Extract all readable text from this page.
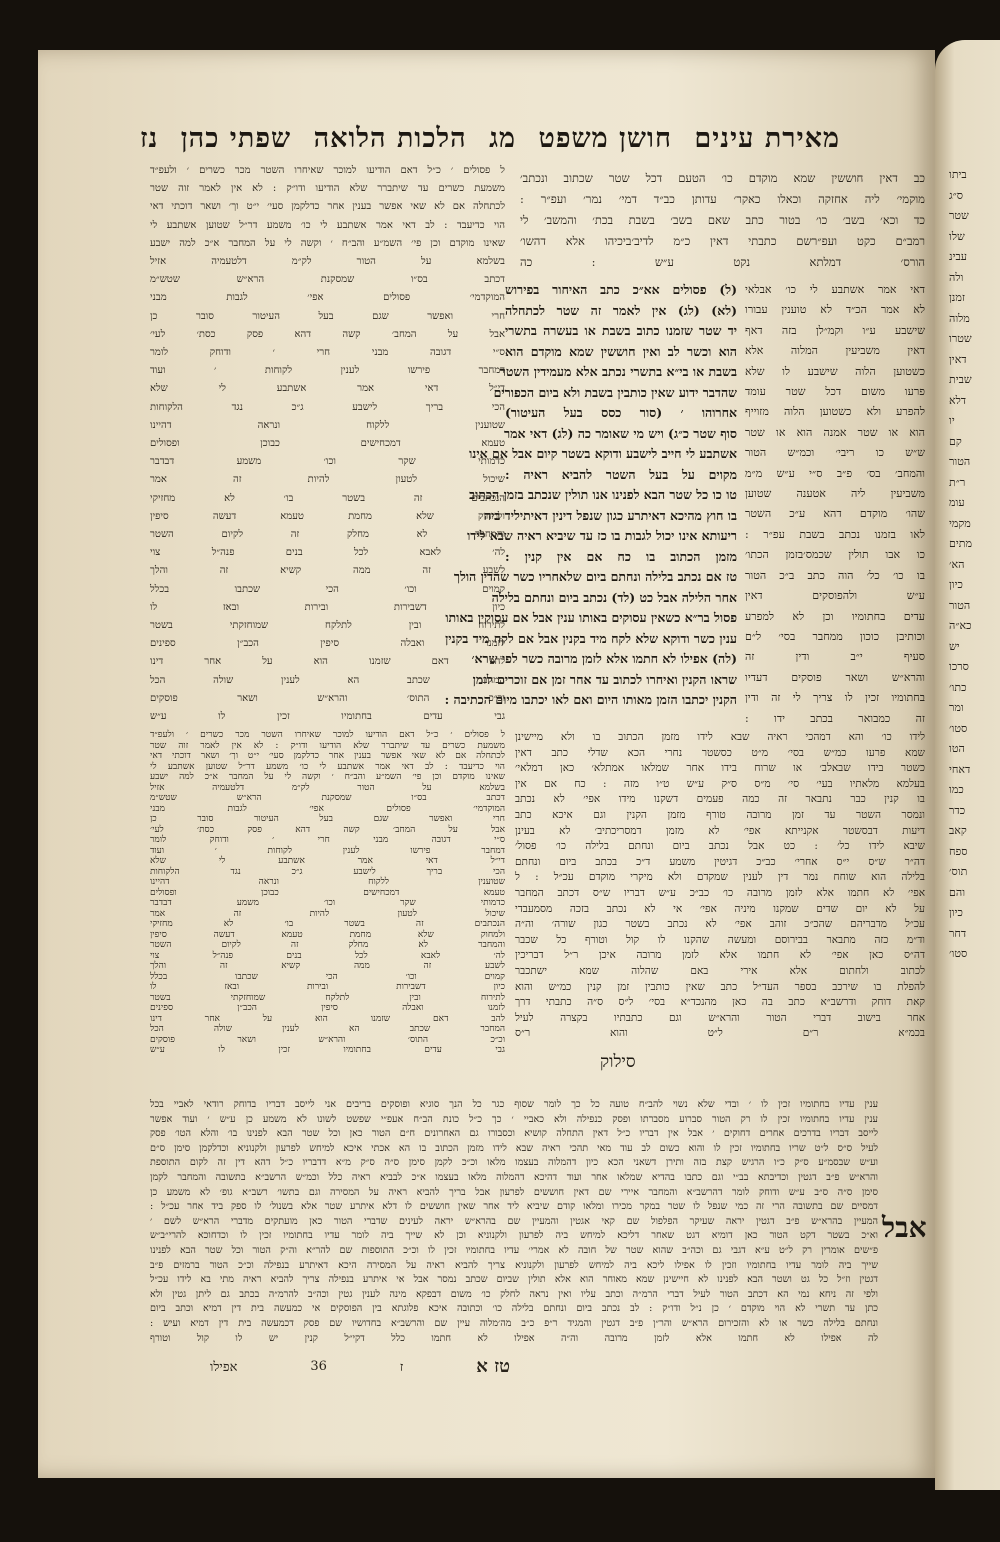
ביתו
ס״ג
שטר
שלו
עבינ
ולה
זמנן
מלוה
שטרו
דאין
שבית
דלא
יו
קם
הטור
ר״ת
עומ
מקמי
מתים
הא׳
כיון
הטור
כא״ה
יש
סרכו
כתו׳
ומר
סטו׳
הטו
דאחי
כמו
כדר
קאב
ספח
תוס׳
והם
כיון
דחר
סטו׳
מאירת עינים
חושן משפט
מג
הלכות הלואה
שפתי כהן
נז
כב דאין חוששין שמא מוקדם כו׳ הטעם דכל שטר שכתוב ונכתב׳
מוקמי׳ ליה אחזקה וכאלו כאקר׳ עדותן כב״ד דמי׳ נמר׳ ועפ״ר :
כד וכא׳ בשב׳ כו׳ בטור כתב שאם בשב׳ בשבת בכת׳ והמשב׳ לי
רמב״ם כקט ועפ״רשם כתבתי דאין כ״מ לדיב׳ביכיהו אלא דהשו׳
הורס׳ דמלתא נקט ע״ש : כה
(ל) פסולים אא״כ כתב האיחור בפירוש
(לא) (לג) אין לאמר זה שטר לכתחלה
יד שטר שזמנו כתוב בשבת או בעשרה בתשרי
הוא וכשר לב ואין חוששין שמא מוקדם הוא
בשבת או בי״א בתשרי נכתב אלא מעמידין השטר
שהדבר ידוע שאין כותבין בשבת ולא ביום הכפורים
אחרוהו ׳ (סור כסס בעל העיטור)
סוף שטר כ״ג) ויש מי שאומר כה (לג) דאי אמר
אשתבע לי חייב לישבע ודוקא בשטר קיום אבל אם אינו
מקוים על בעל השטר להביא ראיה :
טו כו כל שטר הבא לפנינו אנו תולין שנכתב בזמן הכתוב
בו חוץ מהיכא דאיתרע כגון שנפל דינין דאיתיליד ביה
ריעותא אינו יכול לגבות בו כז עד שיביא ראיה שבא לידו
מזמן הכתוב בו כח אם אין קנין :
טז אם נכתב בלילה ונחתם ביום שלאחריו כשר שהדין הולך
אחר הלילה אבל כט (לד) נכתב ביום ונחתם בלילה
פסול בר״א כשאין עסוקים באותו ענין אבל אם עסוקין באותו
ענין כשר ודוקא שלא לקח מיד בקנין אבל אם לקח מיד בקנין
(לה) אפילו לא חתמו אלא לזמן מרובה כשר לפי שרא׳
שראו הקנין ואיחרו לכתוב עד אחר זמן אם זוכרים לזמן
הקנין יכתבו הזמן מאותו היום ואם לאו יכתבו מיום הכתיבה :
דאי אמר אשתבע לי כו׳ אבלאי
לא אמר הכ״ד לא טוענין עבורו
שישבע ע״ו וקמ״לן בזה דאף
דאין משביעין המלוה אלא
כשטוען הלוה שישבע לו שלא
פרעו משום דכל שטר עומד
להפרע ולא כשטוען הלוה מזוייף
הוא או שטר אמנה הוא או שטר
ש״ש כו ריבי׳ וכמ״ש הטור
והמחב׳ בס׳ פ״ב ס״י ע״ש מ״מ
משביעין ליה אטענה שטוען
שהו׳ מוקדם דהא ע״כ השטר
לאו בזמנו נכתב בשבת עפ״ר :
כו אבו תולין שכמס׳בזמן הכתו׳
בו כו׳ כל׳ הוה כתב ב״כ הטור
ע״ש ולהפוסקים דאין
עדים בחתומיו וכן לא למפרע
וכותיבן כוכון ממחבר בסי׳ ל״ם
סעיף י״ב ודין זה
והרא״ש ושאר פוסקים דעדיו
בחתומיו זכין לו צריך לי זה ודין
זה כמבואר בכתב ידו :
ל פסולים ׳ כ״ל דאם הודיעו למוכר שאיחרו השטר מכר כשרים ׳ ולעפ״ד
משמעת כשרים עד שיתברר שלא הודיעו ודו״ק : לא אין לאמר זוה שטר
לכתחלה אם לא שאי אפשר בענין אחר כדלקמן סעי׳ י״ט וך׳ ושאר דוכתי דאי
הוי כדיעבד : לב דאי אמר אשתבע לי כו׳ משמע דר״ל שטוען אשתבע לי
שאינו מוקדם וכן פי׳ השמ״ע והב״ח ׳ וקשה לי על המחבר א״כ למה ישבע
בשלמא על הטור לק״מ דלטעמיה אזיל
דכתב בס״ו שמסקנת הרא״ש שטש״מ
המוקדמי׳ פסולים אפי׳ לגבות מבני
חרי ואפשר שגם בעל העיטור סובר כן
אבל על המחב׳ קשה דהא פסק כסת׳ לעי׳
ס״י דגובה מבני חרי ׳ ודוחק לומר
דמחבר פירשו לענין לקוחות ׳ ועוד
די״ל דאי אמר אשתבע לי שלא
הכי בריך לישבע ג״כ נגד הלקוחות
שטוענין ללקוח ונראה דהיינו
טעמא דמכחישים כבוכן ופסולים
כדמותי שקר וכו׳ משמע דבדבר
שיכול לטעון להיות זה אמר
הנכתבים זה בשטר בו׳ לא מחזיקי
ולמחוק שלא מחמת טעמא דעשה סיפין
והמחבר לא מחלק זה לקיום השטר
לה׳ לאבא לכל בנים פנה״ל צוי
לשבע זה ממה קשיא זה והלך
קמוים וכו׳ הכי שכתבו בכלל
כיון דשבירות ובירות ובאז לו
לתירוח ובין לתלקח שמוחזקתי בשטר
לזמנו ואבלה סיפין הכב״ן ספינים
להב דאם שזמנו הוא על אחר דינו
המחבר שכתב הא לענין שולה הכל
וכ״כ התוס׳ והרא״ש ושאר פוסקים
גבי עדים בחתומיו זכין לו ע״ש
ל פסולים ׳ כ״ל דאם הודיעו למוכר שאיחרו השטר מכר כשרים ׳ ולעפ״ד
משמעת כשרים עד שיתברר שלא הודיעו ודו״ק : לא אין לאמר זוה שטר
לכתחלה אם לא שאי אפשר בענין אחר כדלקמן סעי׳ י״ט וך׳ ושאר דוכתי דאי
הוי כדיעבד : לב דאי אמר אשתבע לי כו׳ משמע דר״ל שטוען אשתבע לי
שאינו מוקדם וכן פי׳ השמ״ע והב״ח ׳ וקשה לי על המחבר א״כ למה ישבע
בשלמא על הטור לק״מ דלטעמיה אזיל
דכתב בס״ו שמסקנת הרא״ש שטש״מ
המוקדמי׳ פסולים אפי׳ לגבות מבני
חרי ואפשר שגם בעל העיטור סובר כן
אבל על המחב׳ קשה דהא פסק כסת׳ לעי׳
ס״י דגובה מבני חרי ׳ ודוחק לומר
דמחבר פירשו לענין לקוחות ׳ ועוד
די״ל דאי אמר אשתבע לי שלא
הכי בריך לישבע ג״כ נגד הלקוחות
שטוענין ללקוח ונראה דהיינו
טעמא דמכחישים כבוכן ופסולים
כדמותי שקר וכו׳ משמע דבדבר
שיכול לטעון להיות זה אמר
הנכתבים זה בשטר בו׳ לא מחזיקי
ולמחוק שלא מחמת טעמא דעשה סיפין
והמחבר לא מחלק זה לקיום השטר
לה׳ לאבא לכל בנים פנה״ל צוי
לשבע זה ממה קשיא זה והלך
קמוים וכו׳ הכי שכתבו בכלל
כיון דשבירות ובירות ובאז לו
לתירוח ובין לתלקח שמוחזקתי בשטר
לזמנו ואבלה סיפין הכב״ן ספינים
להב דאם שזמנו הוא על אחר דינו
המחבר שכתב הא לענין שולה הכל
וכ״כ התוס׳ והרא״ש ושאר פוסקים
גבי עדים בחתומיו זכין לו ע״ש
לידו כו׳ והא דמהכי ראיה שבא לידו מזמן הכתוב בו ולא מיישינן
שמא פרעו כמ״ש בסי׳ מ״ט כסשטר נחרי הכא שדלי כתב דאין
כשטר בידו שבאלב׳ או שרוח בידו אחר שמלאו אמתלא׳ כאן דמלאי׳
בעלמא מלאתיו בעי׳ סי׳ מ״ס ס״ק ע״ש ט״ו מזה : כח אם אין
בו קנין כבר נתבאר זה כמה פעמים דשקנו מידו אפי׳ לא נכתב
ונמסר השטר עד זמן מרובה טורף מזמן הקנין וגם איכא כתב
דיעות דבסשטר אקנייתא אפי׳ לא מזמן דמסריכתיב׳ לא בעינן
שיבא לידו כל׳ : כט אבל נכתב ביום ונחתם בלילה כו׳ פסול׳
דה״ר ש״ס י״ס אחרי׳ כב״כ דגיטין משמע ד״כ בכתב ביום ונחתם
בלילה הוא שוחח נמר דין לענין שמקדם ולא מיקרי מוקדם עכ״ל : ל
אפי׳ לא חתמו אלא לזמן מרובה כו׳ כב״כ ע״ש דבריו ש״ס דכתב המחבר
על לא יום שדים שמקנו מיניה אפי׳ אי לא נכתב בזכה מסמעבדי
עכ״ל מדבריהם שהכ״כ זוהב אפי׳ לא נכתב בשטר כגון שורה׳ וה״ה
וד״מ כזה מתבאר בבירוסם ומעשה שהקנו לו קול וטורף כל שכבר
דה״ס כאן אפי׳ לא חתמו אלא לזמן מרובה איכן ר״ל דבריכין
לכתוב ולחתום אלא אירי באם שהלוה שמא ישתכבר
להפלת בו שירכב בספר העד״ל כתב שאין כותבין זמן קנין כמ״ש והוא
קאת דוחק ודרשב״א כתב בה כאן מהנכד״א בסי׳ ל״ס ס״ה כתבתי דרך
אחר בישוב דברי הטור והרא״ש וגם כתבתיו בקצרה לעיל
בכמ״א ר״ם ל״ט והוא ר״ס
סילוק
ענין עדיו בחתומיו זכין לו ׳ ובדי שלא נשוי להב״ח טועה כל כך לומר שסוף כגר כל הנך סוגיא ופוסקים בריבים אני לייסב דבריו בדוחק רודאי לאביי בכל
ענין עדיו בחתומיו זכין לו רק הטור סברוע מסברתו ופסק כנפילה ולא כאביי ׳ כך כ״ל כונת הב״ח אעפ״י שפשט לשונו לא משמע כן ע״ש ׳ ועוד אפשר
לייסב דבריו בדרכים אחרים דחוקים ׳ אבל אין דבריו כ״ל דאין התחלה קושיא וכסבורו גם האחרונים ח״ם הטור כאן וכל שטר הבא לפנינו בו׳ והלא הטו׳ פסק
לעיל ס״ס ל״ט שריו בחתומיו זכין לו והוא כשום לב עוד מאי תהכי ראיה שבא לידו מזמן הכתוב בו הא אכתי איכא למיחש לפרעון ולקנוניא וכדלקמן סימן ס״ם
וע״ש שבסמ״ע ס״ק כ״ו הרגיש קצת בזה ותירן דשאני הכא כיון דהמלוה בעצמו מלאו וכ״כ לקמן סימן ס״ה ס״ק מ״א דדבריו כ״ל דהא דין זה לקום התוספת
והרא״ש פ״ב דגטין וכדיבתא בב״י וגם כתבו בהדיא שמלאו אחר ועוד דהיכא דהמלוה מלאו בעצמו א״כ לבביא ראיה כלל וכמ״ש הרשב״א בתשובה והמחבר לקמן
סימן ס״ה ס״ב ע״ש ודוחק לומר דהרשב״א והמחבר איירי שם דאין חוששים לפרעון אבל בריך להביא ראיה על המסירה וגם בתשו׳ רשב״א גופ׳ לא משמע כן
דמסיים שם בתשובה הרי זה כמי שנפל לו שטר במקר מכירו ומלאו קודם שיביא ליד אחר שאין חוששים לו דלא איתרע שטר אלא בשנול׳ לו ספק ביד אחר עכ״ל :
המעיין בהרא״ש פ״ב דגטין יראה שעיקר הפלפול שם קאי אגטין והמעיין שם בהרא״ש יראה לעינים שדברי הטור כאן מועתקים מדברי הרא״ש לשם ׳
וא״כ בשטר דקט הטור כאן דומיא דגט שאחר דליכא למיחש ביה לפרעון ולקנוניא וכן לא שייך ביה לומר עדיו בחתומיו זכין לו וכדחוכא להרי״ב״ש
פ״שים אומרין רק ל״ט ע״א דגבי גם וכה״ב שהוא שטר של חובה לא אמרי׳ עדיו בחתומיו זכין לו וכ״כ התוספות שם להר״א וה״ק הטור וכל שטר הבא לפנינו
שייך ביה לומר עדיו בחתומיו וזכין לו אפילו ליכא ביה למיחש לפרעון ולקנוניא צריך להביא ראיה על המסירה היכא דאיתרע בנפילה וכ״כ הטור ברמזים פ״ב
דגטין וז״ל כל גט ושטר הבא לפנינו לא חיישינן שמא מאוחר הוא אלא תולין שביום שכתב נמסר אבל אי איתרע בנפילה צריך להביא ראיה מתי בא לידו עכ״ל
ולפי זה ניחא נמי הא דכתב הטור לעיל דברי הרמ״ה וכתב עליו ואין נראה לחלק כו׳ משום דבפקא מינה לענין גטין וכה״ב להרמ״ה בכתב גם ליתן גטין ולא
כתן עד תשרי לא הוי מוקדם ׳ כן נ״ל ודו״ק : לב נכתב ביום ונחתם בלילה כו׳ וכתובה איכא פלוגתא בין הפוסקים אי כמעשה בית דין דמיא וכתב ביום
ונחתם בלילה כשר או לא והזכירום הרא״ש והר״ן פ״ב דגטין והמגיד ר״פ כ״ב מה׳מלוה עיין שם והרשב״א בחדושיו שם פסק דכמעשה בית דין דמיא ועיש :
לה אפילו לא חתמו אלא לזמן מרובה וה״ה אפילו לא חתמו כלל דקי״ל קנין יש לו קול וטורף
אבל
טז א
ז
36
אפילו
